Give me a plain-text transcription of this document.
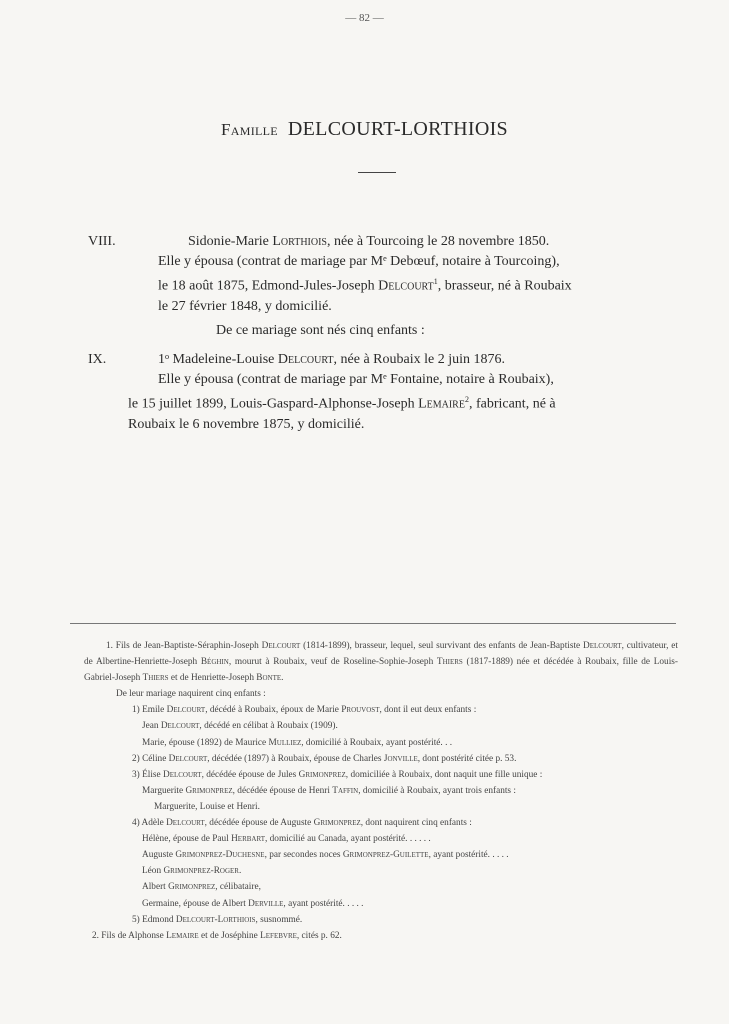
— 82 —
Famille DELCOURT-LORTHIOIS
VIII.	Sidonie-Marie Lorthiois, née à Tourcoing le 28 novembre 1850.

Elle y épousa (contrat de mariage par Mᵉ Debœuf, notaire à Tourcoing),

le 18 août 1875, Edmond-Jules-Joseph Delcourt$^1$, brasseur, né à Roubaix

le 27 février 1848, y domicilié.

De ce mariage sont nés cinq enfants :

IX.	1ᵒ Madeleine-Louise Delcourt, née à Roubaix le 2 juin 1876.

Elle y épousa (contrat de mariage par Mᵉ Fontaine, notaire à Roubaix),

le 15 juillet 1899, Louis-Gaspard-Alphonse-Joseph Lemaire$^2$, fabricant, né à

Roubaix le 6 novembre 1875, y domicilié.

1. Fils de Jean-Baptiste-Séraphin-Joseph Delcourt (1814-1899), brasseur, lequel, seul survivant des enfants de Jean-Baptiste Delcourt, cultivateur, et de Albertine-Henriette-Joseph Béghin, mourut à Roubaix, veuf de Roseline-Sophie-Joseph Thiers (1817-1889) née et décédée à Roubaix, fille de Louis-Gabriel-Joseph Thiers et de Henriette-Joseph Bonte.

De leur mariage naquirent cinq enfants :

1) Emile Delcourt, décédé à Roubaix, époux de Marie Prouvost, dont il eut deux enfants :

Jean Delcourt, décédé en célibat à Roubaix (1909).

Marie, épouse (1892) de Maurice Mulliez, domicilié à Roubaix, ayant postérité. . .

2) Céline Delcourt, décédée (1897) à Roubaix, épouse de Charles Jonville, dont postérité citée p. 53.

3) Élise Delcourt, décédée épouse de Jules Grimonprez, domiciliée à Roubaix, dont naquit une fille unique :

Marguerite Grimonprez, décédée épouse de Henri Taffin, domicilié à Roubaix, ayant trois enfants :

Marguerite, Louise et Henri.

4) Adèle Delcourt, décédée épouse de Auguste Grimonprez, dont naquirent cinq enfants :

Hélène, épouse de Paul Herbart, domicilié au Canada, ayant postérité. . . . . .

Auguste Grimonprez-Duchesne, par secondes noces Grimonprez-Guilette, ayant postérité. . . . .

Léon Grimonprez-Roger.

Albert Grimonprez, célibataire,

Germaine, épouse de Albert Derville, ayant postérité. . . . .

5) Edmond Delcourt-Lorthiois, susnommé.

2. Fils de Alphonse Lemaire et de Joséphine Lefebvre, cités p. 62.
